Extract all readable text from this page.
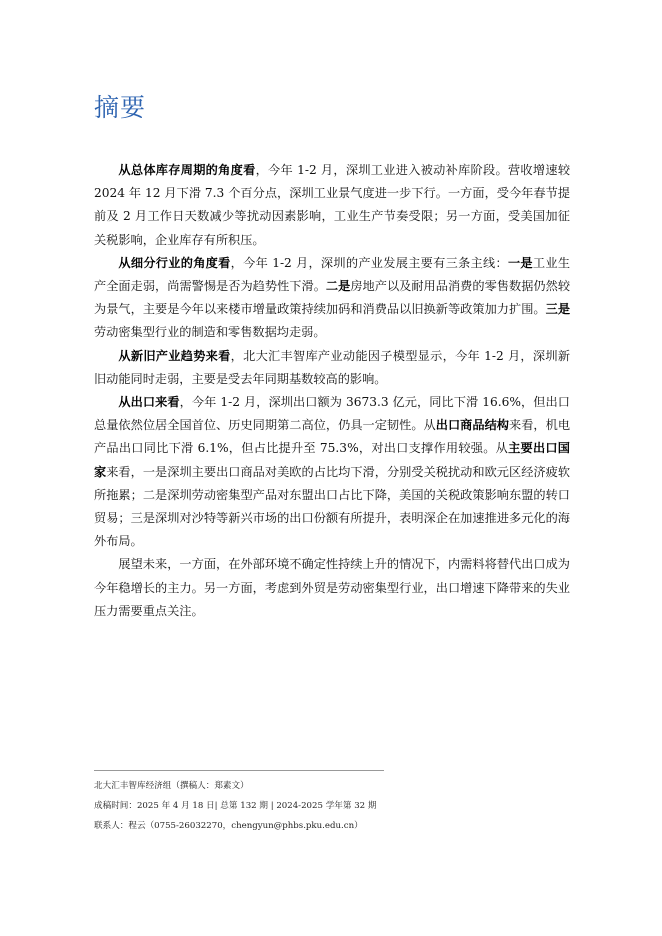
摘要

从总体库存周期的角度看，今年 1-2 月，深圳工业进入被动补库阶段。营收增速较 2024 年 12 月下滑 7.3 个百分点，深圳工业景气度进一步下行。一方面，受今年春节提前及 2 月工作日天数减少等扰动因素影响，工业生产节奏受限；另一方面，受美国加征关税影响，企业库存有所积压。

从细分行业的角度看，今年 1-2 月，深圳的产业发展主要有三条主线：一是工业生产全面走弱，尚需警惕是否为趋势性下滑。二是房地产以及耐用品消费的零售数据仍然较为景气，主要是今年以来楼市增量政策持续加码和消费品以旧换新等政策加力扩围。三是劳动密集型行业的制造和零售数据均走弱。

从新旧产业趋势来看，北大汇丰智库产业动能因子模型显示，今年 1-2 月，深圳新旧动能同时走弱，主要是受去年同期基数较高的影响。

从出口来看，今年 1-2 月，深圳出口额为 3673.3 亿元，同比下滑 16.6%，但出口总量依然位居全国首位、历史同期第二高位，仍具一定韧性。从出口商品结构来看，机电产品出口同比下滑 6.1%，但占比提升至 75.3%，对出口支撑作用较强。从主要出口国家来看，一是深圳主要出口商品对美欧的占比均下滑，分别受关税扰动和欧元区经济疲软所拖累；二是深圳劳动密集型产品对东盟出口占比下降，美国的关税政策影响东盟的转口贸易；三是深圳对沙特等新兴市场的出口份额有所提升，表明深企在加速推进多元化的海外布局。

展望未来，一方面，在外部环境不确定性持续上升的情况下，内需料将替代出口成为今年稳增长的主力。另一方面，考虑到外贸是劳动密集型行业，出口增速下降带来的失业压力需要重点关注。

北大汇丰智库经济组（撰稿人：郑素文）
成稿时间：2025 年 4 月 18 日| 总第 132 期 | 2024-2025 学年第 32 期
联系人：程云（0755-26032270，chengyun@phbs.pku.edu.cn）
